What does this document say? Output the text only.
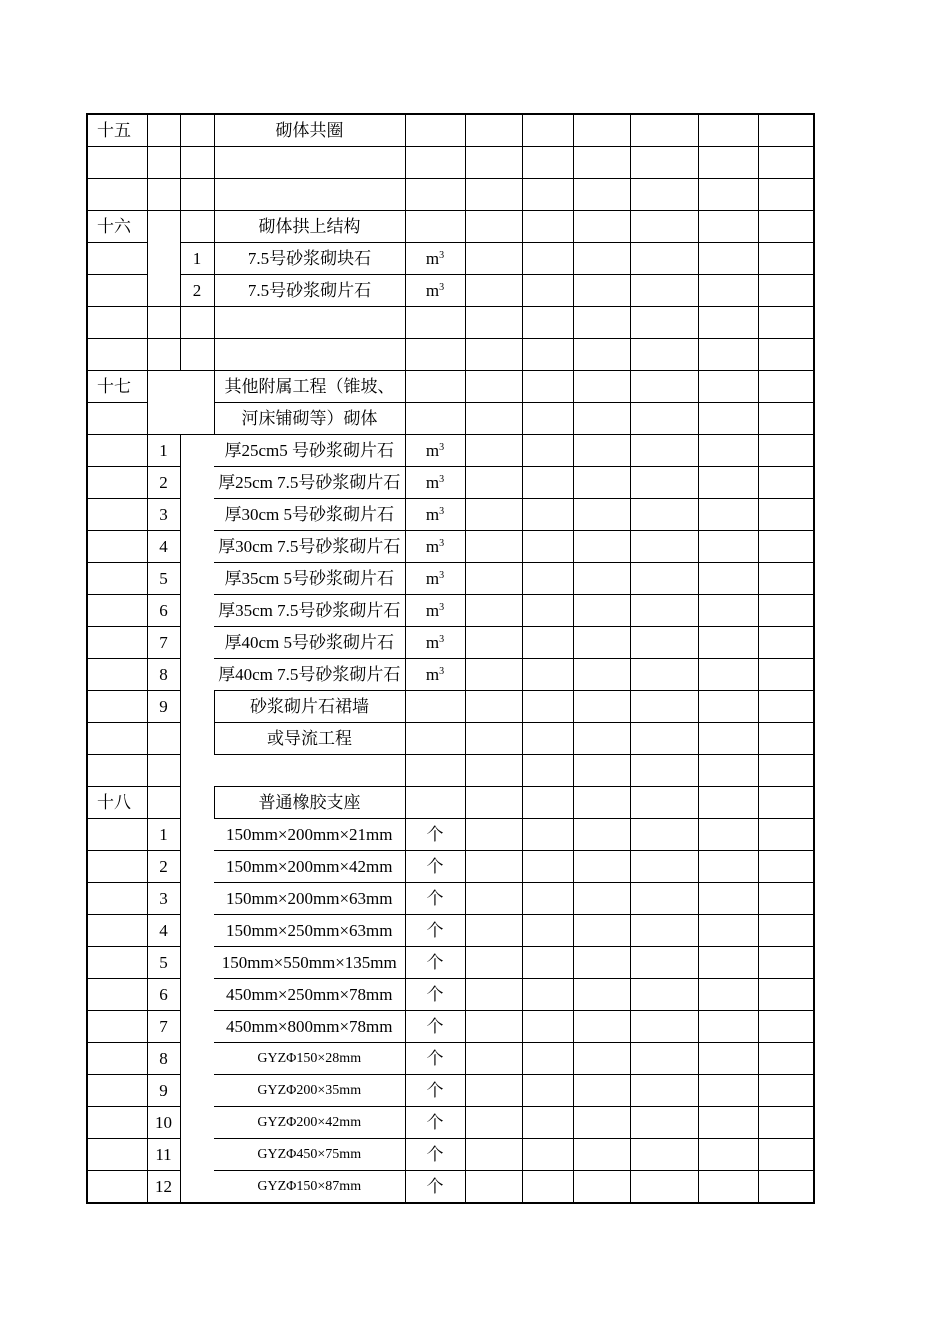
十五			砌体共圈							

十六			砌体拱上结构							
		1	7.5号砂浆砌块石	$m^3$						
		2	7.5号砂浆砌片石	$m^3$						

十七			其他附属工程（锥坡、							
			河床铺砌等）砌体							
	1		厚25cm5 号砂浆砌片石	$m^3$						
	2		厚25cm 7.5号砂浆砌片石	$m^3$						
	3		厚30cm 5号砂浆砌片石	$m^3$						
	4		厚30cm 7.5号砂浆砌片石	$m^3$						
	5		厚35cm 5号砂浆砌片石	$m^3$						
	6		厚35cm 7.5号砂浆砌片石	$m^3$						
	7		厚40cm 5号砂浆砌片石	$m^3$						
	8		厚40cm 7.5号砂浆砌片石	$m^3$						
	9		砂浆砌片石裙墙							
			或导流工程							

十八			普通橡胶支座							
	1		150mm×200mm×21mm	个						
	2		150mm×200mm×42mm	个						
	3		150mm×200mm×63mm	个						
	4		150mm×250mm×63mm	个						
	5		150mm×550mm×135mm	个						
	6		450mm×250mm×78mm	个						
	7		450mm×800mm×78mm	个						
	8		GYZΦ150×28mm	个						
	9		GYZΦ200×35mm	个						
	10		GYZΦ200×42mm	个						
	11		GYZΦ450×75mm	个						
	12		GYZΦ150×87mm	个						
